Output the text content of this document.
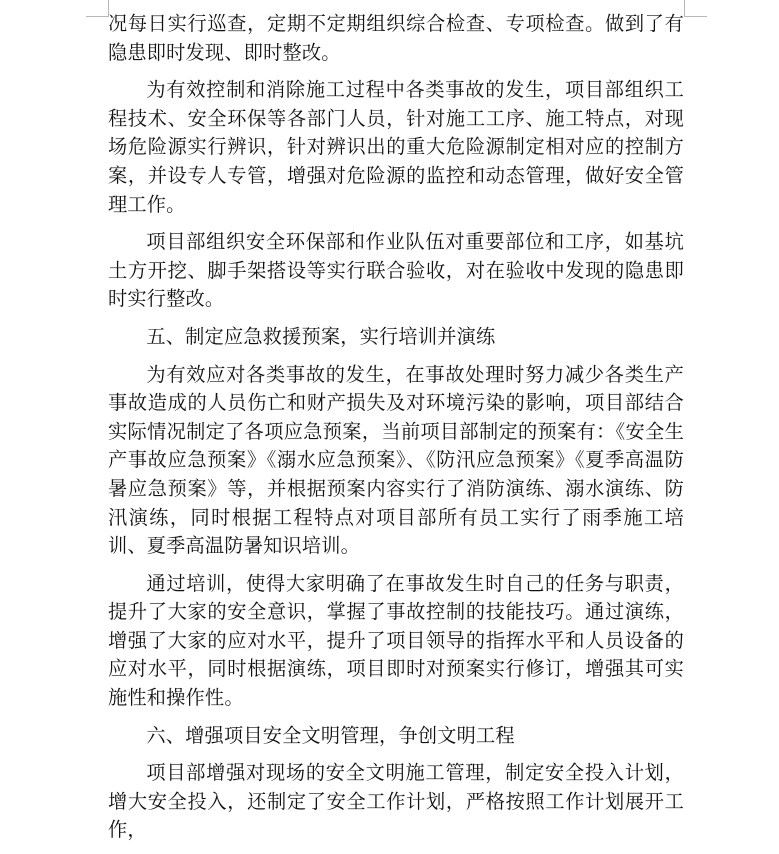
况每日实行巡查，定期不定期组织综合检查、专项检查。做到了有隐患即时发现、即时整改。

为有效控制和消除施工过程中各类事故的发生，项目部组织工程技术、安全环保等各部门人员，针对施工工序、施工特点，对现场危险源实行辨识，针对辨识出的重大危险源制定相对应的控制方案，并设专人专管，增强对危险源的监控和动态管理，做好安全管理工作。

项目部组织安全环保部和作业队伍对重要部位和工序，如基坑土方开挖、脚手架搭设等实行联合验收，对在验收中发现的隐患即时实行整改。

五、制定应急救援预案，实行培训并演练

为有效应对各类事故的发生，在事故处理时努力减少各类生产事故造成的人员伤亡和财产损失及对环境污染的影响，项目部结合实际情况制定了各项应急预案，当前项目部制定的预案有：《安全生产事故应急预案》《溺水应急预案》、《防汛应急预案》《夏季高温防暑应急预案》等，并根据预案内容实行了消防演练、溺水演练、防汛演练，同时根据工程特点对项目部所有员工实行了雨季施工培训、夏季高温防暑知识培训。

通过培训，使得大家明确了在事故发生时自己的任务与职责，提升了大家的安全意识，掌握了事故控制的技能技巧。通过演练，增强了大家的应对水平，提升了项目领导的指挥水平和人员设备的应对水平，同时根据演练，项目即时对预案实行修订，增强其可实施性和操作性。

六、增强项目安全文明管理，争创文明工程

项目部增强对现场的安全文明施工管理，制定安全投入计划，增大安全投入，还制定了安全工作计划，严格按照工作计划展开工作，
